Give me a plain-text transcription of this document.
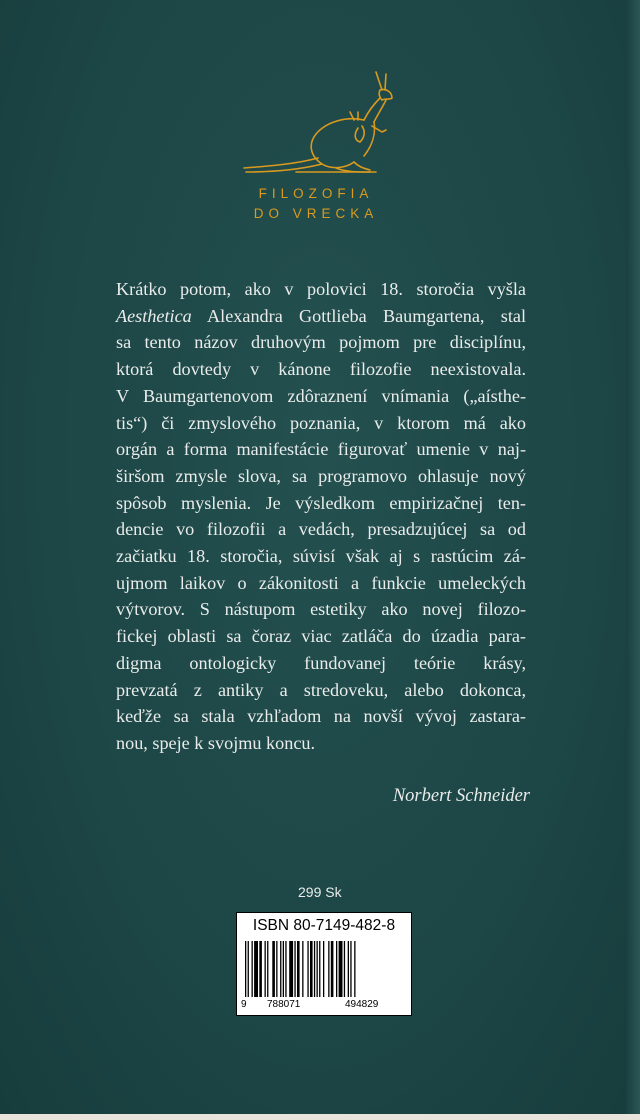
FILOZOFIA
DO VRECKA
Krátko potom, ako v polovici 18. storočia vyšla
Aesthetica Alexandra Gottlieba Baumgartena, stal
sa tento názov druhovým pojmom pre disciplínu,
ktorá dovtedy v kánone filozofie neexistovala.
V Baumgartenovom zdôraznení vnímania („aísthe-
tis“) či zmyslového poznania, v ktorom má ako
orgán a forma manifestácie figurovať umenie v naj-
širšom zmysle slova, sa programovo ohlasuje nový
spôsob myslenia. Je výsledkom empirizačnej ten-
dencie vo filozofii a vedách, presadzujúcej sa od
začiatku 18. storočia, súvisí však aj s rastúcim zá-
ujmom laikov o zákonitosti a funkcie umeleckých
výtvorov. S nástupom estetiky ako novej filozo-
fickej oblasti sa čoraz viac zatláča do úzadia para-
digma ontologicky fundovanej teórie krásy,
prevzatá z antiky a stredoveku, alebo dokonca,
keďže sa stala vzhľadom na novší vývoj zastara-
nou, speje k svojmu koncu.
Norbert Schneider
299 Sk
ISBN 80-7149-482-8
9 788071	494829
